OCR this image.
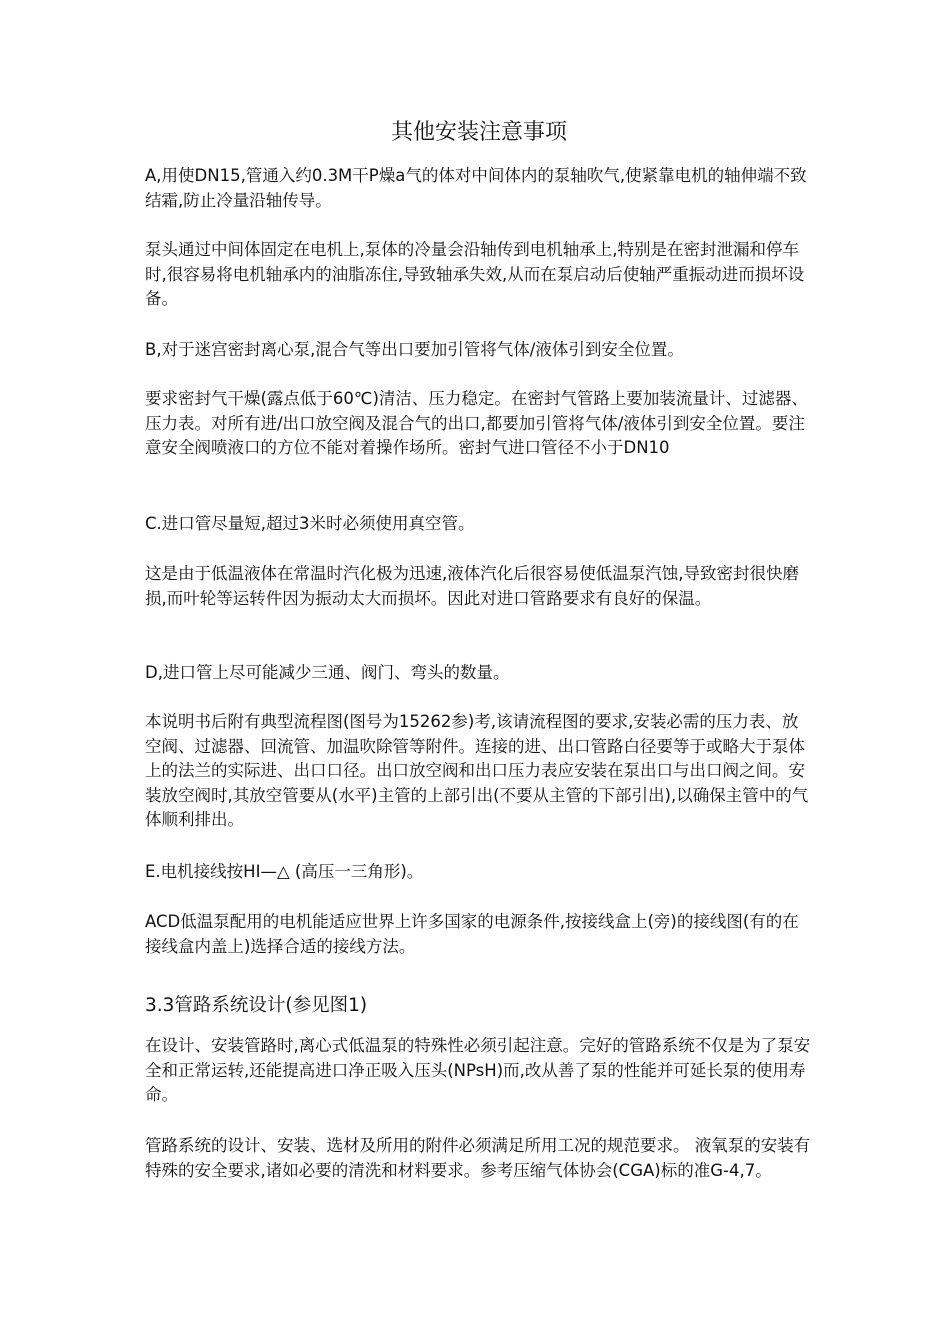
其他安装注意事项

A,用使DN15,管通入约0.3M干P燥a气的体对中间体内的泵轴吹气,使紧靠电机的轴伸端不致结霜,防止冷量沿轴传导。

泵头通过中间体固定在电机上,泵体的冷量会沿轴传到电机轴承上,特别是在密封泄漏和停车时,很容易将电机轴承内的油脂冻住,导致轴承失效,从而在泵启动后使轴严重振动进而损坏设备。

B,对于迷宫密封离心泵,混合气等出口要加引管将气体/液体引到安全位置。

要求密封气干燥(露点低于60℃)清洁、压力稳定。在密封气管路上要加装流量计、过滤器、压力表。对所有进/出口放空阀及混合气的出口,都要加引管将气体/液体引到安全位置。要注意安全阀喷液口的方位不能对着操作场所。密封气进口管径不小于DN10

C.进口管尽量短,超过3米时必须使用真空管。

这是由于低温液体在常温时汽化极为迅速,液体汽化后很容易使低温泵汽蚀,导致密封很快磨损,而叶轮等运转件因为振动太大而损坏。因此对进口管路要求有良好的保温。

D,进口管上尽可能减少三通、阀门、弯头的数量。

本说明书后附有典型流程图(图号为15262参)考,该请流程图的要求,安装必需的压力表、放空阀、过滤器、回流管、加温吹除管等附件。连接的进、出口管路白径要等于或略大于泵体上的法兰的实际进、出口口径。出口放空阀和出口压力表应安装在泵出口与出口阀之间。安装放空阀时,其放空管要从(水平)主管的上部引出(不要从主管的下部引出),以确保主管中的气体顺利排出。

E.电机接线按HI—△ (高压一三角形)。

ACD低温泵配用的电机能适应世界上许多国家的电源条件,按接线盒上(旁)的接线图(有的在接线盒内盖上)选择合适的接线方法。

3.3管路系统设计(参见图1)

在设计、安装管路时,离心式低温泵的特殊性必须引起注意。完好的管路系统不仅是为了泵安全和正常运转,还能提高进口净正吸入压头(NPsH)而,改从善了泵的性能并可延长泵的使用寿命。

管路系统的设计、安装、选材及所用的附件必须满足所用工况的规范要求。 液氧泵的安装有特殊的安全要求,诸如必要的清洗和材料要求。参考压缩气体协会(CGA)标的准G-4,7。
